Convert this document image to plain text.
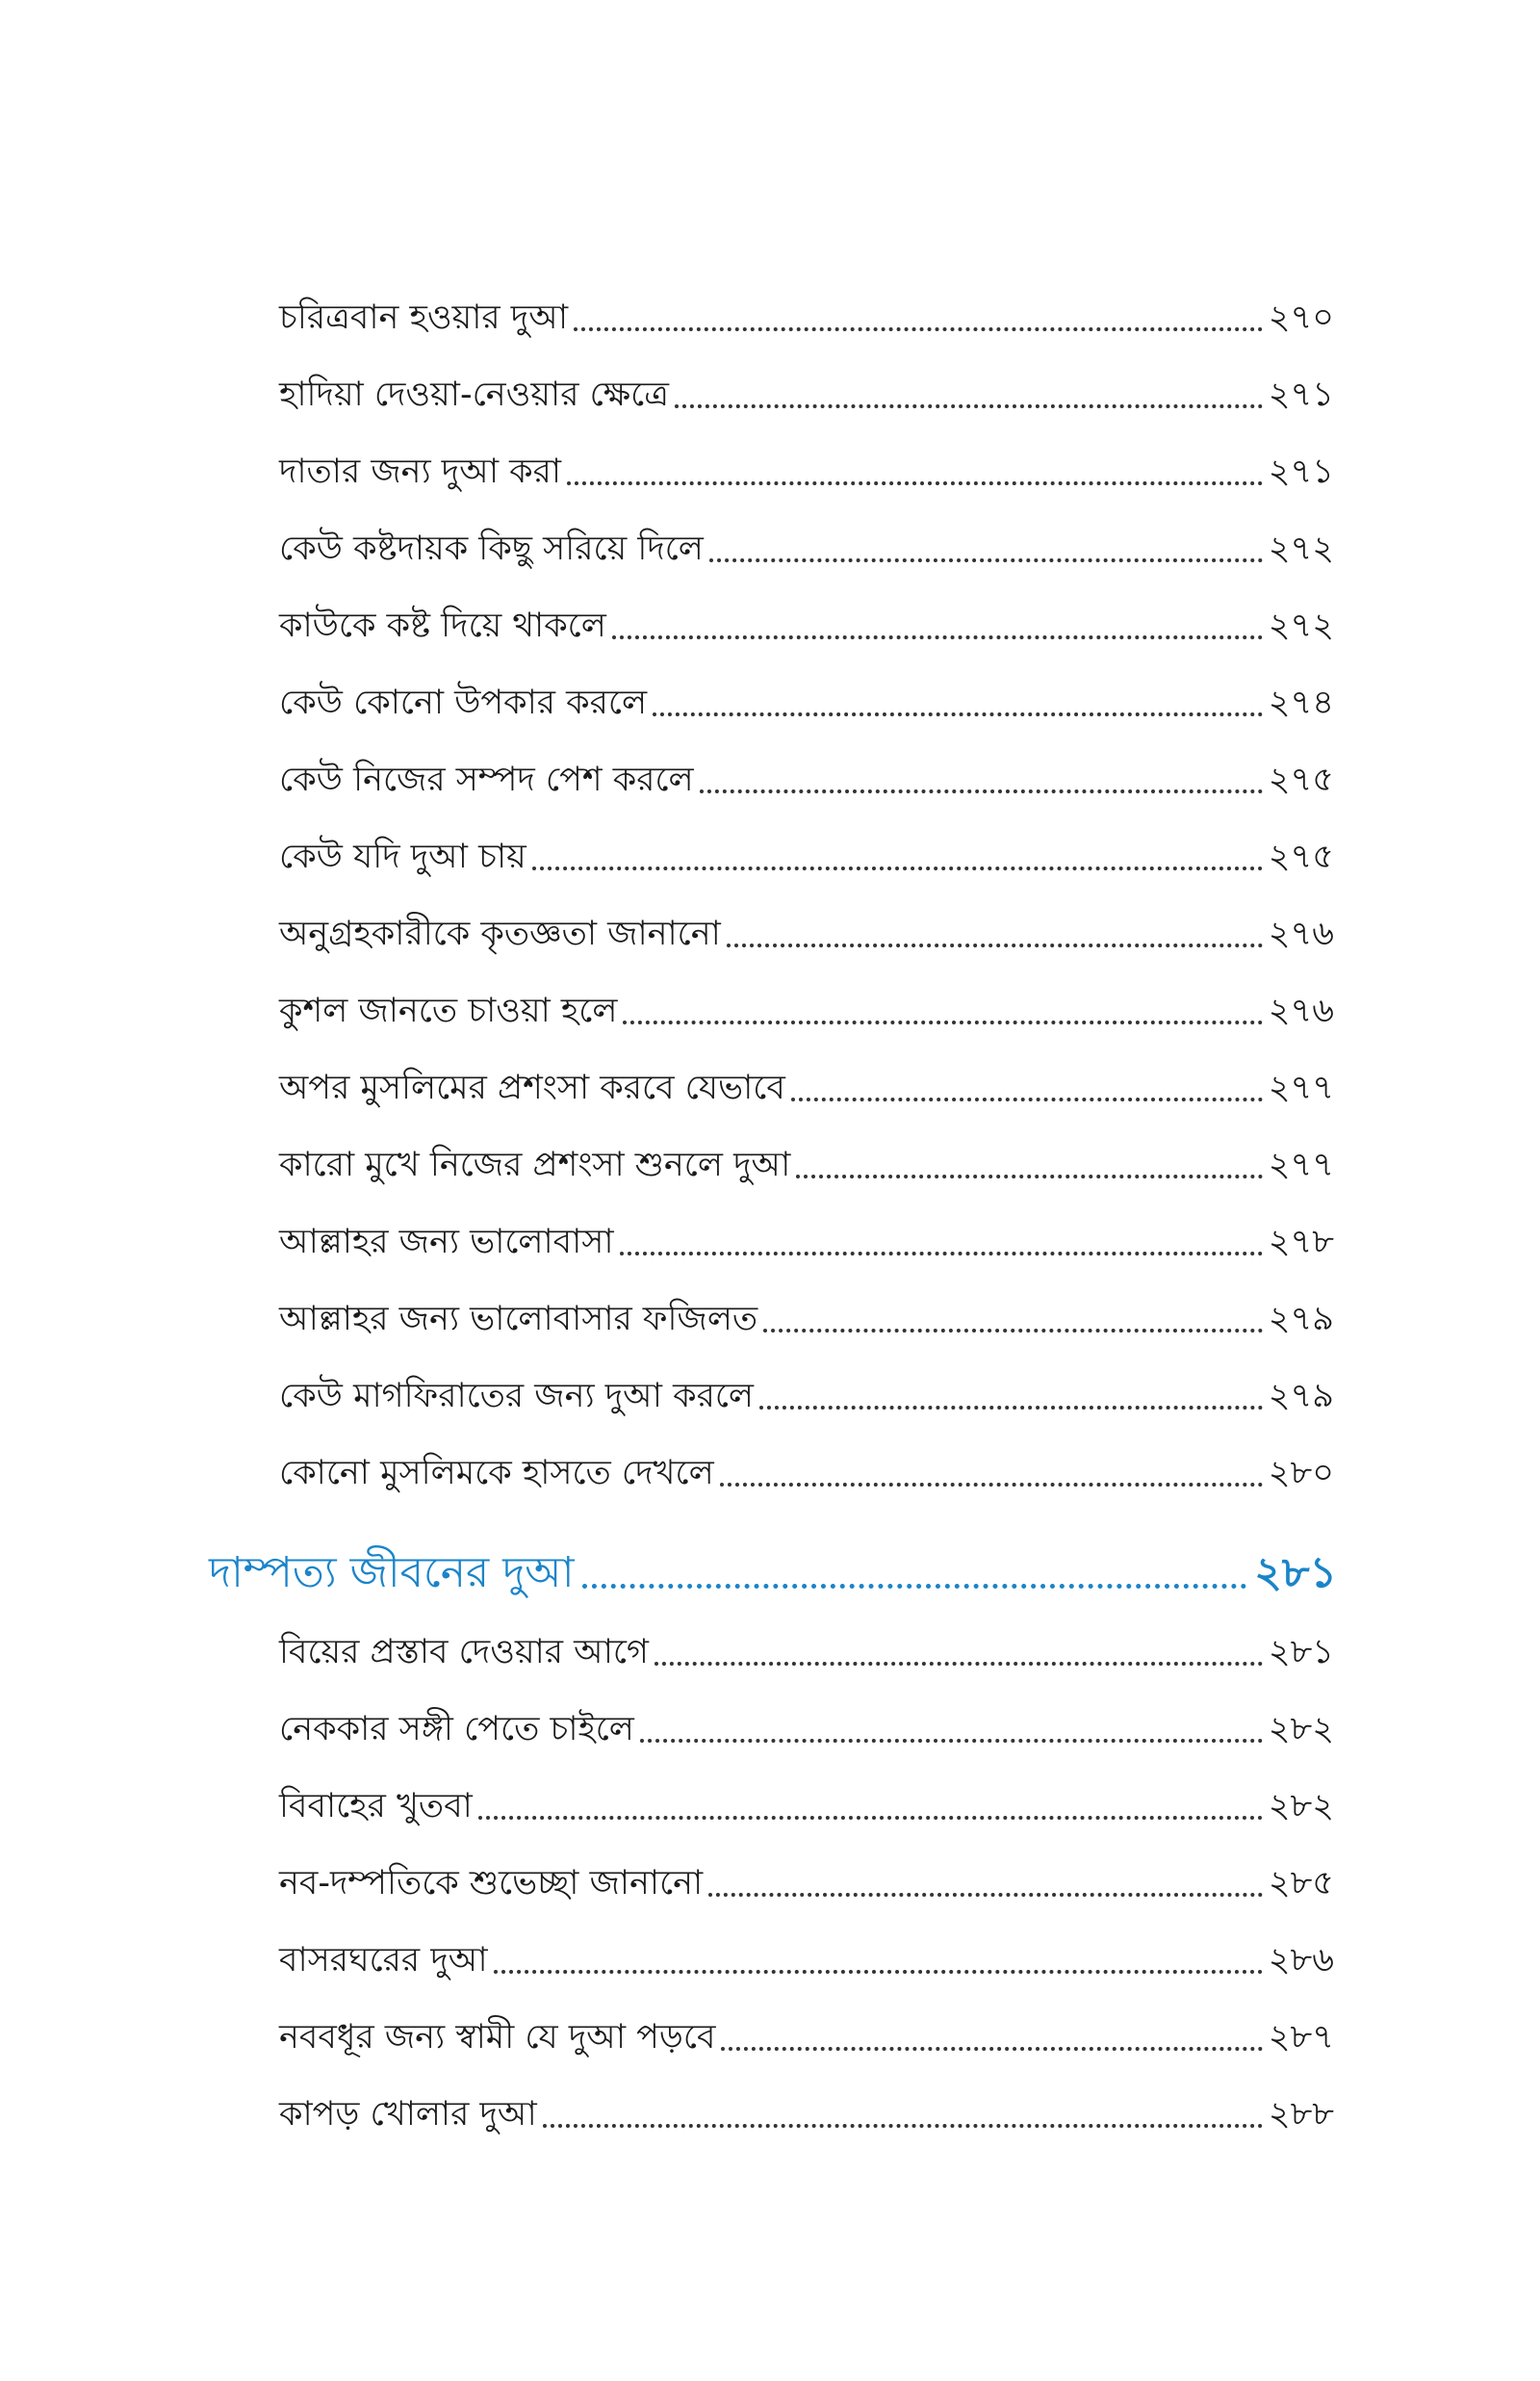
চরিত্রবান হওয়ার দুআ	২৭০
হাদিয়া দেওয়া-নেওয়ার ক্ষেত্রে	২৭১
দাতার জন্য দুআ করা	২৭১
কেউ কষ্টদায়ক কিছু সরিয়ে দিলে	২৭২
কাউকে কষ্ট দিয়ে থাকলে	২৭২
কেউ কোনো উপকার করলে	২৭৪
কেউ নিজের সম্পদ পেশ করলে	২৭৫
কেউ যদি দুআ চায়	২৭৫
অনুগ্রহকারীকে কৃতজ্ঞতা জানানো	২৭৬
কুশল জানতে চাওয়া হলে	২৭৬
অপর মুসলিমের প্রশংসা করবে যেভাবে	২৭৭
কারো মুখে নিজের প্রশংসা শুনলে দুআ	২৭৭
আল্লাহর জন্য ভালোবাসা	২৭৮
আল্লাহর জন্য ভালোবাসার ফজিলত	২৭৯
কেউ মাগফিরাতের জন্য দুআ করলে	২৭৯
কোনো মুসলিমকে হাসতে দেখলে	২৮০
দাম্পত্য জীবনের দুআ	২৮১
বিয়ের প্রস্তাব দেওয়ার আগে	২৮১
নেককার সঙ্গী পেতে চাইলে	২৮২
বিবাহের খুতবা	২৮২
নব-দম্পতিকে শুভেচ্ছা জানানো	২৮৫
বাসরঘরের দুআ	২৮৬
নববধূর জন্য স্বামী যে দুআ পড়বে	২৮৭
কাপড় খোলার দুআ	২৮৮
